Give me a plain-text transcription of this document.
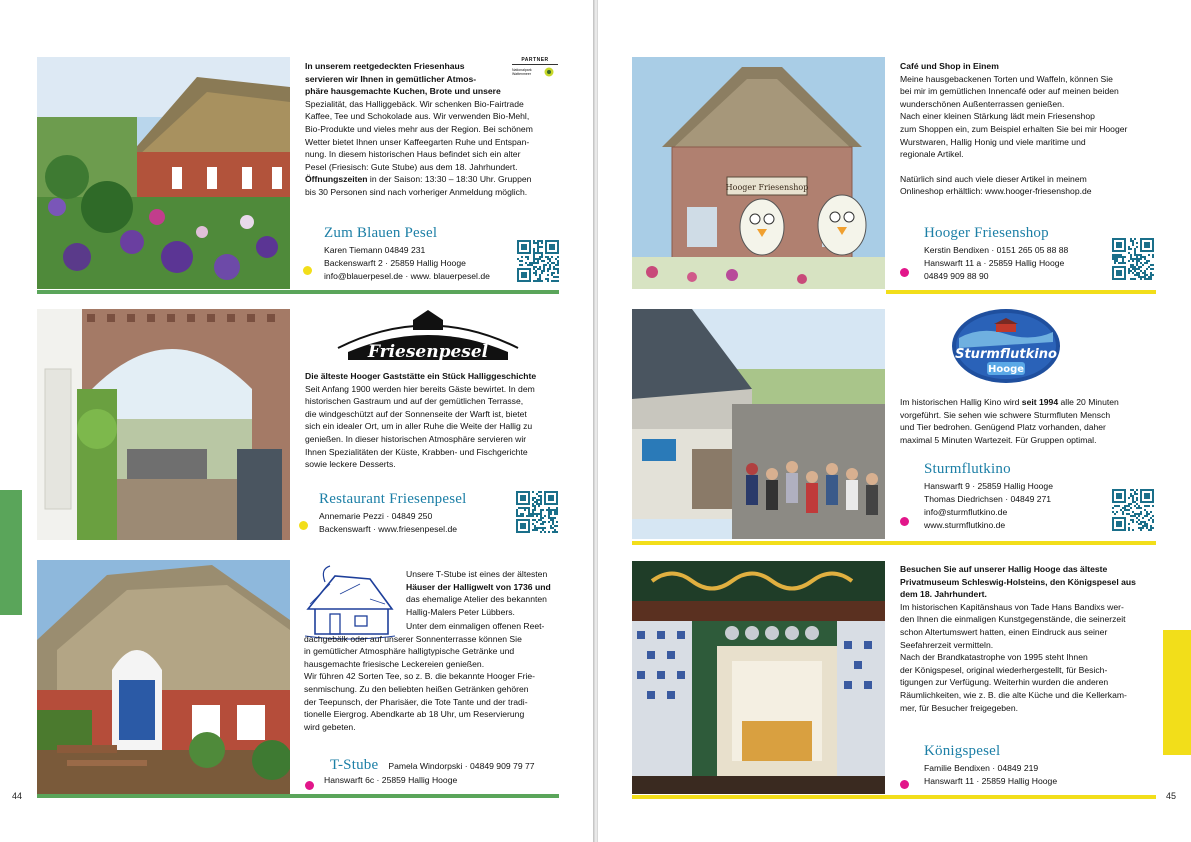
In unserem reetgedeckten Friesenhaus

servieren wir Ihnen in gemütlicher Atmos-

phäre hausgemachte Kuchen, Brote und unsere

Spezialität, das Halliggebäck. Wir schenken Bio-Fairtrade

Kaffee, Tee und Schokolade aus. Wir verwenden Bio-Mehl,

Bio-Produkte und vieles mehr aus der Region. Bei schönem

Wetter bietet Ihnen unser Kaffeegarten Ruhe und Entspan-

nung. In diesem historischen Haus befindet sich ein alter

Pesel (Friesisch: Gute Stube) aus dem 18. Jahrhundert.

Öffnungszeiten in der Saison: 13:30 – 18:30 Uhr. Gruppen

bis 30 Personen sind nach vorheriger Anmeldung möglich.

PARTNER
Nationalpark Wattenmeer
Zum Blauen Pesel
Karen Tiemann 04849 231
Backenswarft 2 · 25859 Hallig Hooge
info@blauerpesel.de · www. blauerpesel.de
Friesenpesel

Die älteste Hooger Gaststätte ein Stück Halliggeschichte

Seit Anfang 1900 werden hier bereits Gäste bewirtet. In dem

historischen Gastraum und auf der gemütlichen Terrasse,

die windgeschützt auf der Sonnenseite der Warft ist, bietet

sich ein idealer Ort, um in aller Ruhe die Weite der Hallig zu

genießen. In dieser historischen Atmosphäre servieren wir

Ihnen Spezialitäten der Küste, Krabben- und Fischgerichte

sowie leckere Desserts.

Restaurant Friesenpesel
Annemarie Pezzi · 04849 250
Backenswarft · www.friesenpesel.de

Unsere T-Stube ist eines der ältesten

Häuser der Halligwelt von 1736 und

das ehemalige Atelier des bekannten

Hallig-Malers Peter Lübbers.

Unter dem einmaligen offenen Reet-

dachgebälk oder auf unserer Sonnenterrasse können Sie

in gemütlicher Atmosphäre halligtypische Getränke und

hausgemachte friesische Leckereien genießen.

Wir führen 42 Sorten Tee, so z. B. die bekannte Hooger Frie-

senmischung. Zu den beliebten heißen Getränken gehören

der Teepunsch, der Pharisäer, die Tote Tante und der tradi-

tionelle Eiergrog. Abendkarte ab 18 Uhr, um Reservierung

wird gebeten.

T-Stube Pamela Windorpski · 04849 909 79 77
Hanswarft 6c · 25859 Hallig Hooge
44
Hooger Friesenshop

Café und Shop in Einem

Meine hausgebackenen Torten und Waffeln, können Sie

bei mir im gemütlichen Innencafé oder auf meinen beiden

wunderschönen Außenterrassen genießen.

Nach einer kleinen Stärkung lädt mein Friesenshop

zum Shoppen ein, zum Beispiel erhalten Sie bei mir Hooger

Wurstwaren, Hallig Honig und viele maritime und

regionale Artikel.

Natürlich sind auch viele dieser Artikel in meinem

Onlineshop erhältlich: www.hooger-friesenshop.de

Hooger Friesenshop
Kerstin Bendixen · 0151 265 05 88 88
Hanswarft 11 a · 25859 Hallig Hooge
04849 909 88 90
Sturmflutkino
Hooge

Im historischen Hallig Kino wird seit 1994 alle 20 Minuten

vorgeführt. Sie sehen wie schwere Sturmfluten Mensch

und Tier bedrohen. Genügend Platz vorhanden, daher

maximal 5 Minuten Wartezeit. Für Gruppen optimal.

Sturmflutkino
Hanswarft 9 · 25859 Hallig Hooge
Thomas Diedrichsen · 04849 271
info@sturmflutkino.de
www.sturmflutkino.de

Besuchen Sie auf unserer Hallig Hooge das älteste

Privatmuseum Schleswig-Holsteins, den Königspesel aus

dem 18. Jahrhundert.

Im historischen Kapitänshaus von Tade Hans Bandixs wer-

den Ihnen die einmaligen Kunstgegenstände, die seinerzeit

schon Altertumswert hatten, einen Eindruck aus seiner

Seefahrerzeit vermitteln.

Nach der Brandkatastrophe von 1995 steht Ihnen

der Königspesel, original wiederhergestellt, für Besich-

tigungen zur Verfügung. Weiterhin wurden die anderen

Räumlichkeiten, wie z. B. die alte Küche und die Kellerkam-

mer, für Besucher freigegeben.

Königspesel
Familie Bendixen · 04849 219
Hanswarft 11 · 25859 Hallig Hooge
45
